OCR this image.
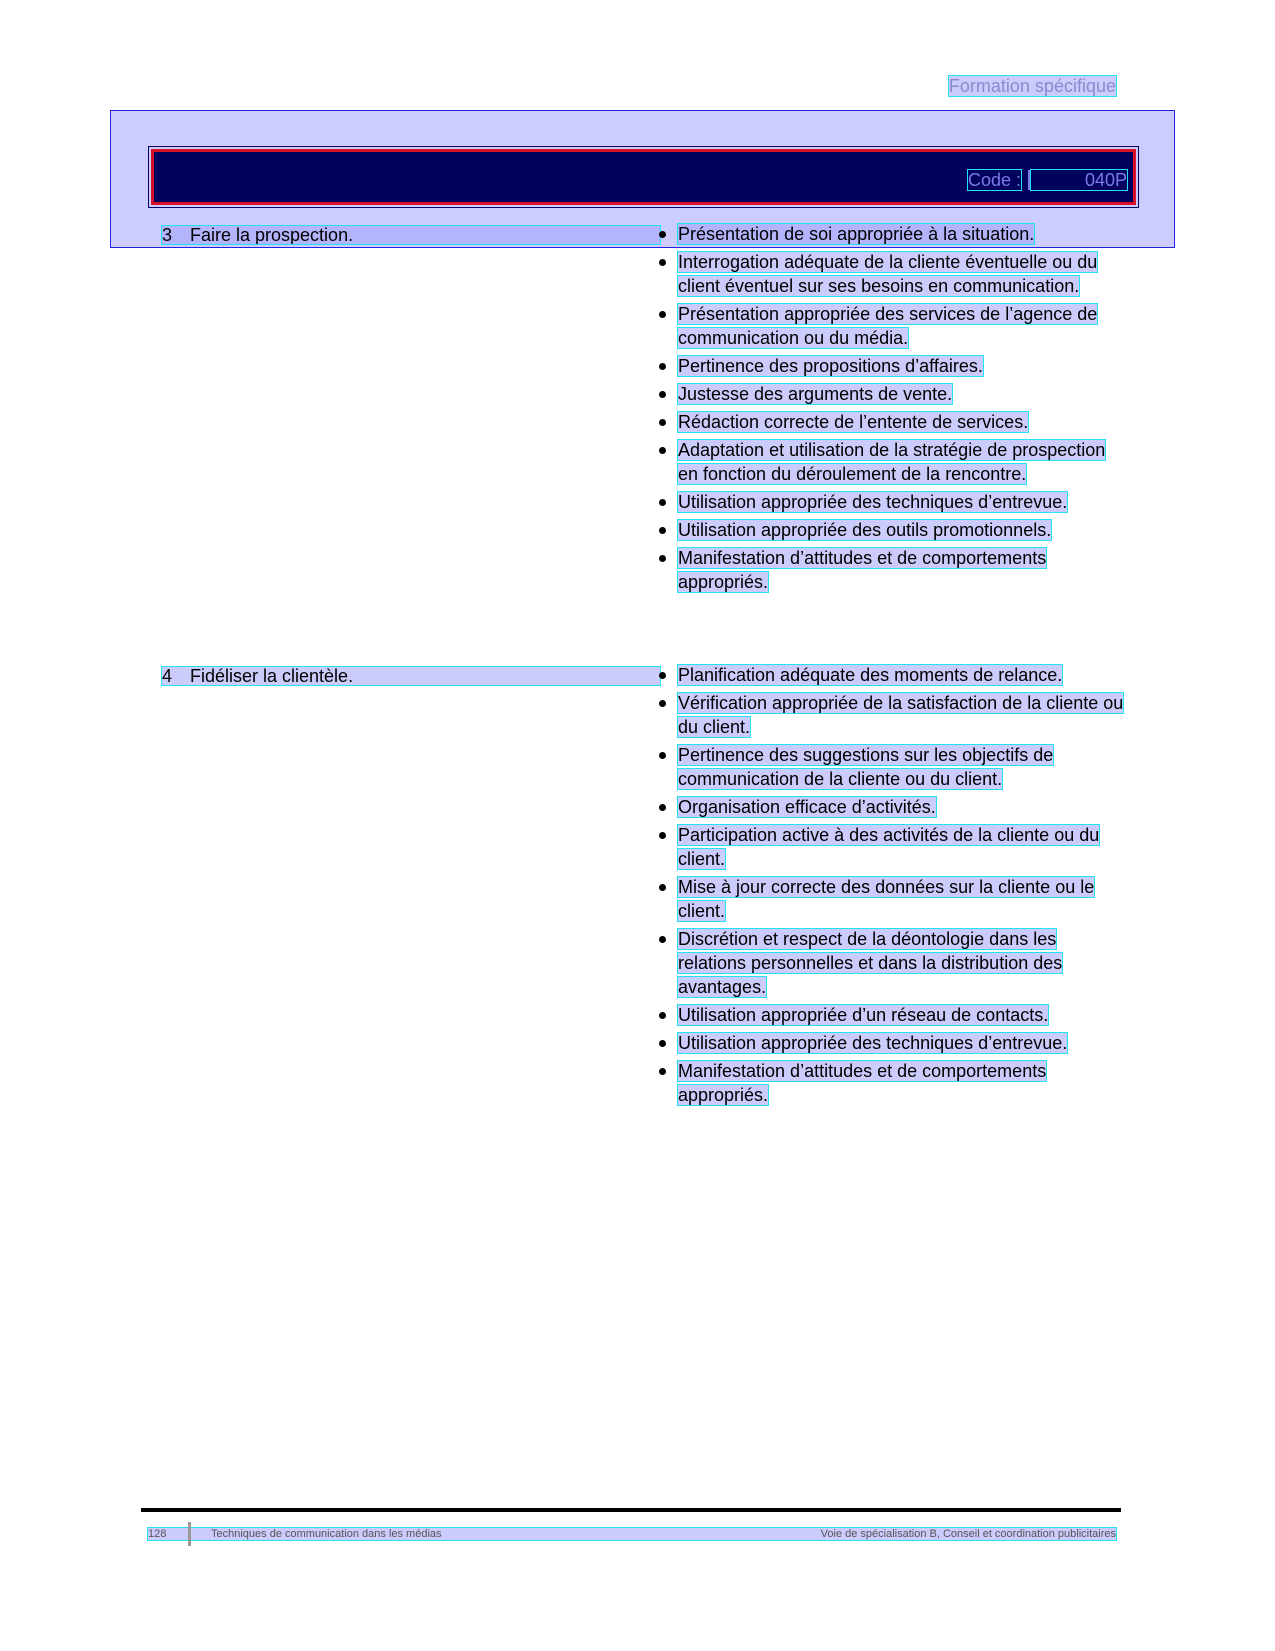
Formation spécifique
Code :	040P
3 Faire la prospection.	Présentation de soi appropriée à la situation.
Interrogation adéquate de la cliente éventuelle ou du client éventuel sur ses besoins en communication.
Présentation appropriée des services de l’agence de communication ou du média.
Pertinence des propositions d’affaires.
Justesse des arguments de vente.
Rédaction correcte de l’entente de services.
Adaptation et utilisation de la stratégie de prospection en fonction du déroulement de la rencontre.
Utilisation appropriée des techniques d’entrevue.
Utilisation appropriée des outils promotionnels.
Manifestation d’attitudes et de comportements appropriés.
4 Fidéliser la clientèle.	Planification adéquate des moments de relance.
Vérification appropriée de la satisfaction de la cliente ou du client.
Pertinence des suggestions sur les objectifs de communication de la cliente ou du client.
Organisation efficace d’activités.
Participation active à des activités de la cliente ou du client.
Mise à jour correcte des données sur la cliente ou le client.
Discrétion et respect de la déontologie dans les relations personnelles et dans la distribution des avantages.
Utilisation appropriée d’un réseau de contacts.
Utilisation appropriée des techniques d’entrevue.
Manifestation d’attitudes et de comportements appropriés.
128	Techniques de communication dans les médias	Voie de spécialisation B, Conseil et coordination publicitaires
